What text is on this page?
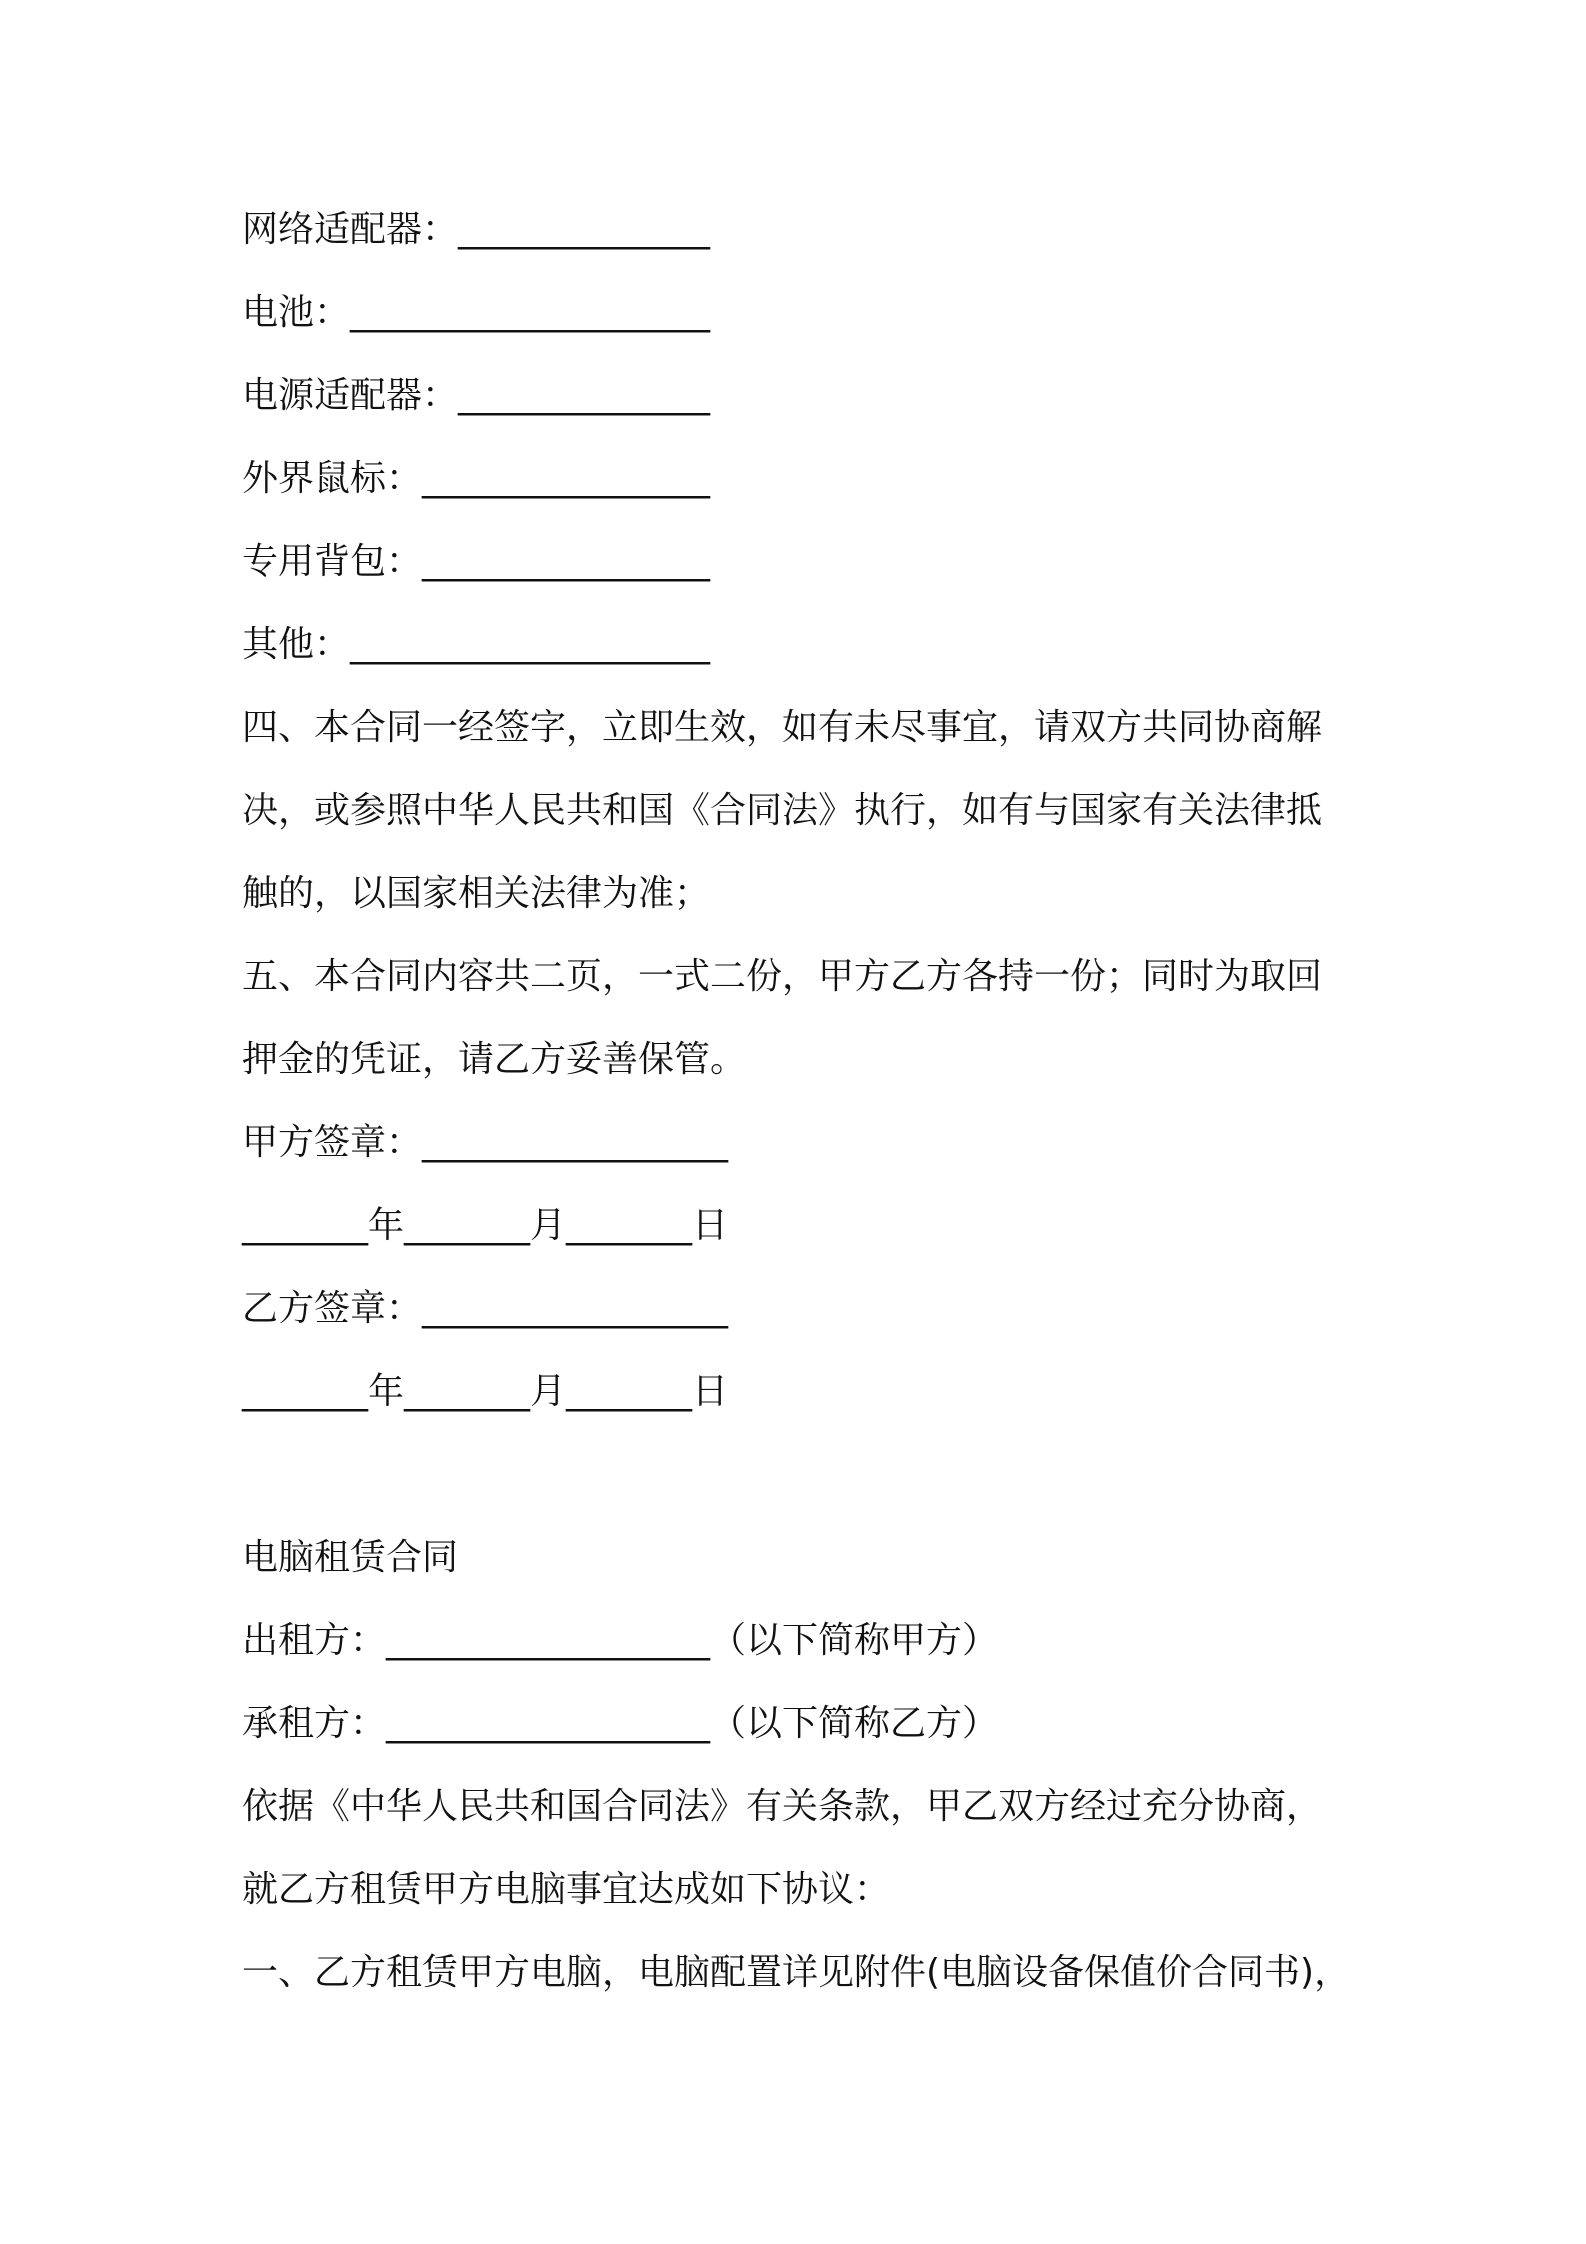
网络适配器：______________
电池：____________________
电源适配器：______________
外界鼠标：________________
专用背包：________________
其他：____________________
四、本合同一经签字，立即生效，如有未尽事宜，请双方共同协商解
决，或参照中华人民共和国《合同法》执行，如有与国家有关法律抵
触的，以国家相关法律为准；
五、本合同内容共二页，一式二份，甲方乙方各持一份；同时为取回
押金的凭证，请乙方妥善保管。
甲方签章：_________________
_______年_______月_______日
乙方签章：_________________
_______年_______月_______日
电脑租赁合同
出租方：__________________（以下简称甲方）
承租方：__________________（以下简称乙方）
依据《中华人民共和国合同法》有关条款，甲乙双方经过充分协商，
就乙方租赁甲方电脑事宜达成如下协议：
一、乙方租赁甲方电脑，电脑配置详见附件(电脑设备保值价合同书)，
